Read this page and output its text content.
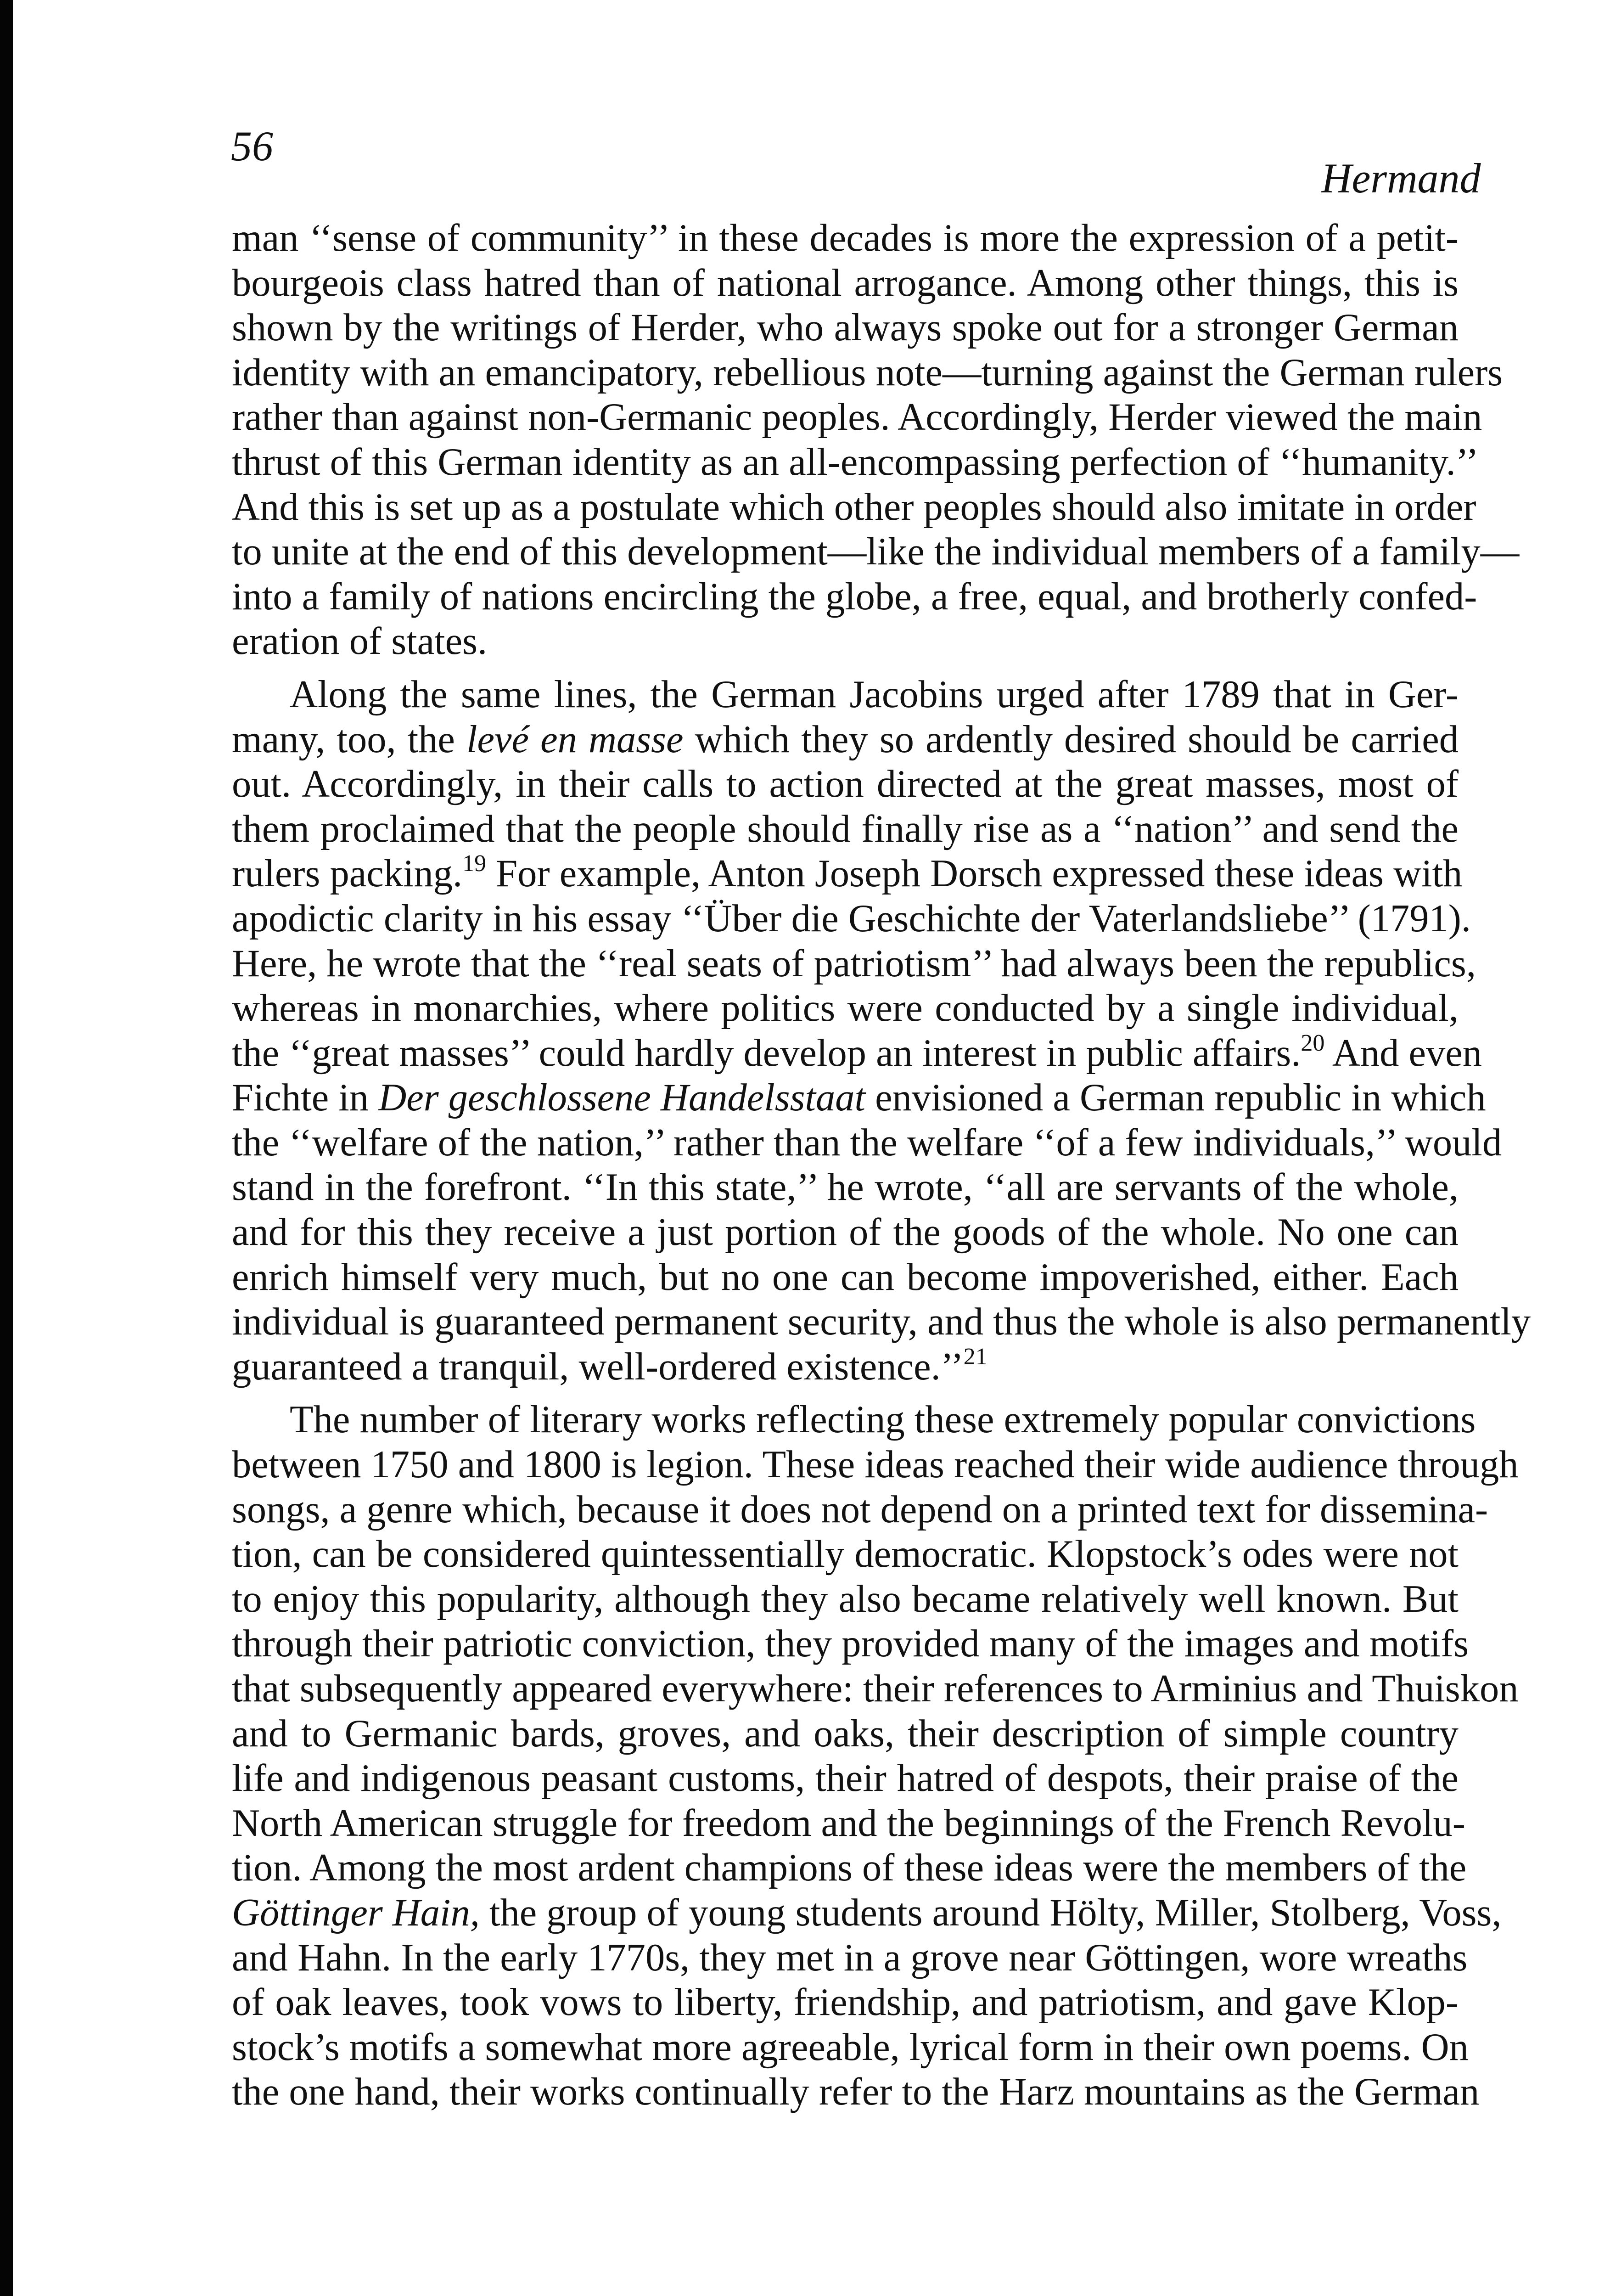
56
Hermand
man ‘‘sense of community’’ in these decades is more the expression of a petit-
bourgeois class hatred than of national arrogance. Among other things, this is
shown by the writings of Herder, who always spoke out for a stronger German
identity with an emancipatory, rebellious note—turning against the German rulers
rather than against non-Germanic peoples. Accordingly, Herder viewed the main
thrust of this German identity as an all-encompassing perfection of ‘‘humanity.’’
And this is set up as a postulate which other peoples should also imitate in order
to unite at the end of this development—like the individual members of a family—
into a family of nations encircling the globe, a free, equal, and brotherly confed-
eration of states.
Along the same lines, the German Jacobins urged after 1789 that in Ger-
many, too, the levé en masse which they so ardently desired should be carried
out. Accordingly, in their calls to action directed at the great masses, most of
them proclaimed that the people should finally rise as a ‘‘nation’’ and send the
rulers packing.$^{19}$ For example, Anton Joseph Dorsch expressed these ideas with
apodictic clarity in his essay ‘‘Über die Geschichte der Vaterlandsliebe’’ (1791).
Here, he wrote that the ‘‘real seats of patriotism’’ had always been the republics,
whereas in monarchies, where politics were conducted by a single individual,
the ‘‘great masses’’ could hardly develop an interest in public affairs.$^{20}$ And even
Fichte in Der geschlossene Handelsstaat envisioned a German republic in which
the ‘‘welfare of the nation,’’ rather than the welfare ‘‘of a few individuals,’’ would
stand in the forefront. ‘‘In this state,’’ he wrote, ‘‘all are servants of the whole,
and for this they receive a just portion of the goods of the whole. No one can
enrich himself very much, but no one can become impoverished, either. Each
individual is guaranteed permanent security, and thus the whole is also permanently
guaranteed a tranquil, well-ordered existence.’’$^{21}$
The number of literary works reflecting these extremely popular convictions
between 1750 and 1800 is legion. These ideas reached their wide audience through
songs, a genre which, because it does not depend on a printed text for dissemina-
tion, can be considered quintessentially democratic. Klopstock’s odes were not
to enjoy this popularity, although they also became relatively well known. But
through their patriotic conviction, they provided many of the images and motifs
that subsequently appeared everywhere: their references to Arminius and Thuiskon
and to Germanic bards, groves, and oaks, their description of simple country
life and indigenous peasant customs, their hatred of despots, their praise of the
North American struggle for freedom and the beginnings of the French Revolu-
tion. Among the most ardent champions of these ideas were the members of the
Göttinger Hain, the group of young students around Hölty, Miller, Stolberg, Voss,
and Hahn. In the early 1770s, they met in a grove near Göttingen, wore wreaths
of oak leaves, took vows to liberty, friendship, and patriotism, and gave Klop-
stock’s motifs a somewhat more agreeable, lyrical form in their own poems. On
the one hand, their works continually refer to the Harz mountains as the German
